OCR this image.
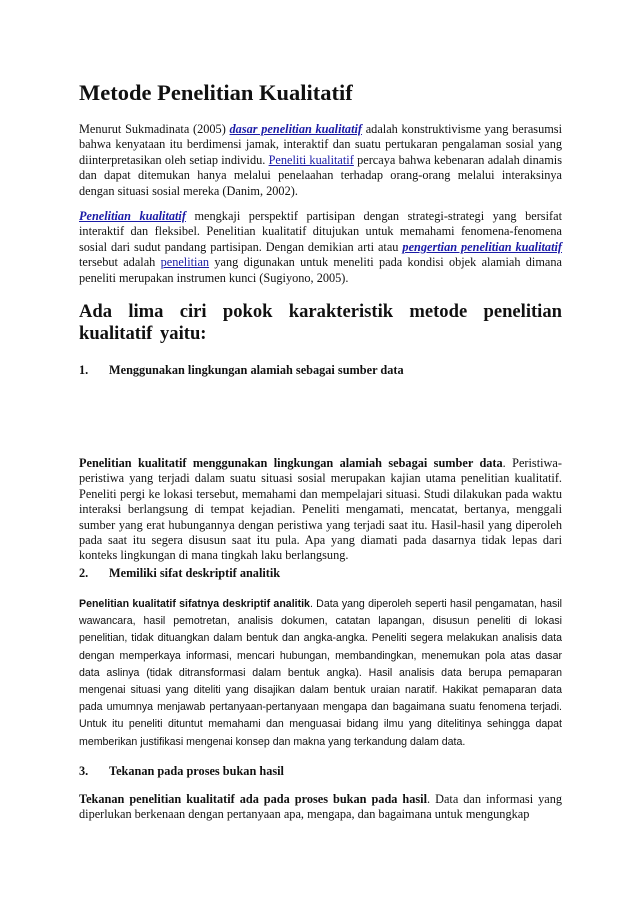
Metode Penelitian Kualitatif

Menurut Sukmadinata (2005) dasar penelitian kualitatif adalah konstruktivisme yang berasumsi bahwa kenyataan itu berdimensi jamak, interaktif dan suatu pertukaran pengalaman sosial yang diinterpretasikan oleh setiap individu. Peneliti kualitatif percaya bahwa kebenaran adalah dinamis dan dapat ditemukan hanya melalui penelaahan terhadap orang-orang melalui interaksinya dengan situasi sosial mereka (Danim, 2002).

Penelitian kualitatif mengkaji perspektif partisipan dengan strategi-strategi yang bersifat interaktif dan fleksibel. Penelitian kualitatif ditujukan untuk memahami fenomena-fenomena sosial dari sudut pandang partisipan. Dengan demikian arti atau pengertian penelitian kualitatif tersebut adalah penelitian yang digunakan untuk meneliti pada kondisi objek alamiah dimana peneliti merupakan instrumen kunci (Sugiyono, 2005).

Ada lima ciri pokok karakteristik metode penelitian kualitatif yaitu:
1. Menggunakan lingkungan alamiah sebagai sumber data

Penelitian kualitatif menggunakan lingkungan alamiah sebagai sumber data. Peristiwa-peristiwa yang terjadi dalam suatu situasi sosial merupakan kajian utama penelitian kualitatif. Peneliti pergi ke lokasi tersebut, memahami dan mempelajari situasi. Studi dilakukan pada waktu interaksi berlangsung di tempat kejadian. Peneliti mengamati, mencatat, bertanya, menggali sumber yang erat hubungannya dengan peristiwa yang terjadi saat itu. Hasil-hasil yang diperoleh pada saat itu segera disusun saat itu pula. Apa yang diamati pada dasarnya tidak lepas dari konteks lingkungan di mana tingkah laku berlangsung.

2. Memiliki sifat deskriptif analitik

Penelitian kualitatif sifatnya deskriptif analitik. Data yang diperoleh seperti hasil pengamatan, hasil wawancara, hasil pemotretan, analisis dokumen, catatan lapangan, disusun peneliti di lokasi penelitian, tidak dituangkan dalam bentuk dan angka-angka. Peneliti segera melakukan analisis data dengan memperkaya informasi, mencari hubungan, membandingkan, menemukan pola atas dasar data aslinya (tidak ditransformasi dalam bentuk angka). Hasil analisis data berupa pemaparan mengenai situasi yang diteliti yang disajikan dalam bentuk uraian naratif. Hakikat pemaparan data pada umumnya menjawab pertanyaan-pertanyaan mengapa dan bagaimana suatu fenomena terjadi. Untuk itu peneliti dituntut memahami dan menguasai bidang ilmu yang ditelitinya sehingga dapat memberikan justifikasi mengenai konsep dan makna yang terkandung dalam data.

3. Tekanan pada proses bukan hasil

Tekanan penelitian kualitatif ada pada proses bukan pada hasil. Data dan informasi yang diperlukan berkenaan dengan pertanyaan apa, mengapa, dan bagaimana untuk mengungkap
